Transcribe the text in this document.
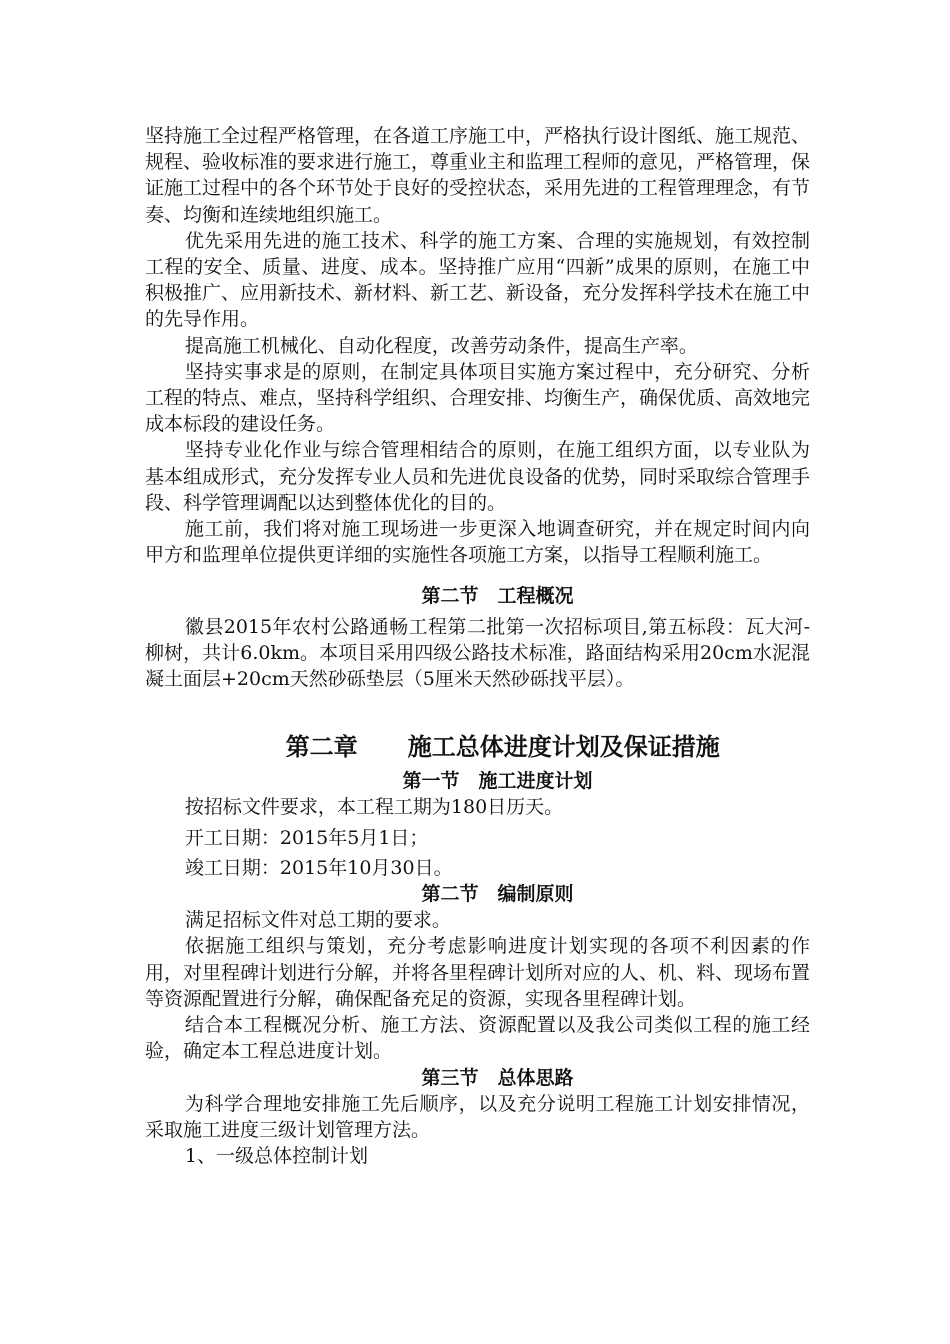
坚持施工全过程严格管理，在各道工序施工中，严格执行设计图纸、施工规范、规程、验收标准的要求进行施工，尊重业主和监理工程师的意见，严格管理，保证施工过程中的各个环节处于良好的受控状态，采用先进的工程管理理念，有节奏、均衡和连续地组织施工。

优先采用先进的施工技术、科学的施工方案、合理的实施规划，有效控制工程的安全、质量、进度、成本。坚持推广应用“四新”成果的原则，在施工中积极推广、应用新技术、新材料、新工艺、新设备，充分发挥科学技术在施工中的先导作用。

提高施工机械化、自动化程度，改善劳动条件，提高生产率。

坚持实事求是的原则，在制定具体项目实施方案过程中，充分研究、分析工程的特点、难点，坚持科学组织、合理安排、均衡生产，确保优质、高效地完成本标段的建设任务。

坚持专业化作业与综合管理相结合的原则，在施工组织方面，以专业队为基本组成形式，充分发挥专业人员和先进优良设备的优势，同时采取综合管理手段、科学管理调配以达到整体优化的目的。

施工前，我们将对施工现场进一步更深入地调查研究，并在规定时间内向甲方和监理单位提供更详细的实施性各项施工方案，以指导工程顺利施工。

第二节　工程概况

徽县2015年农村公路通畅工程第二批第一次招标项目,第五标段：瓦大河-柳树，共计6.0km。本项目采用四级公路技术标准，路面结构采用20cm水泥混凝土面层+20cm天然砂砾垫层（5厘米天然砂砾找平层）。

第二章 施工总体进度计划及保证措施

第一节　施工进度计划

按招标文件要求，本工程工期为180日历天。

开工日期：2015年5月1日；

竣工日期：2015年10月30日。

第二节　编制原则

满足招标文件对总工期的要求。

依据施工组织与策划，充分考虑影响进度计划实现的各项不利因素的作用，对里程碑计划进行分解，并将各里程碑计划所对应的人、机、料、现场布置等资源配置进行分解，确保配备充足的资源，实现各里程碑计划。

结合本工程概况分析、施工方法、资源配置以及我公司类似工程的施工经验，确定本工程总进度计划。

第三节　总体思路

为科学合理地安排施工先后顺序，以及充分说明工程施工计划安排情况，采取施工进度三级计划管理方法。

1、一级总体控制计划
